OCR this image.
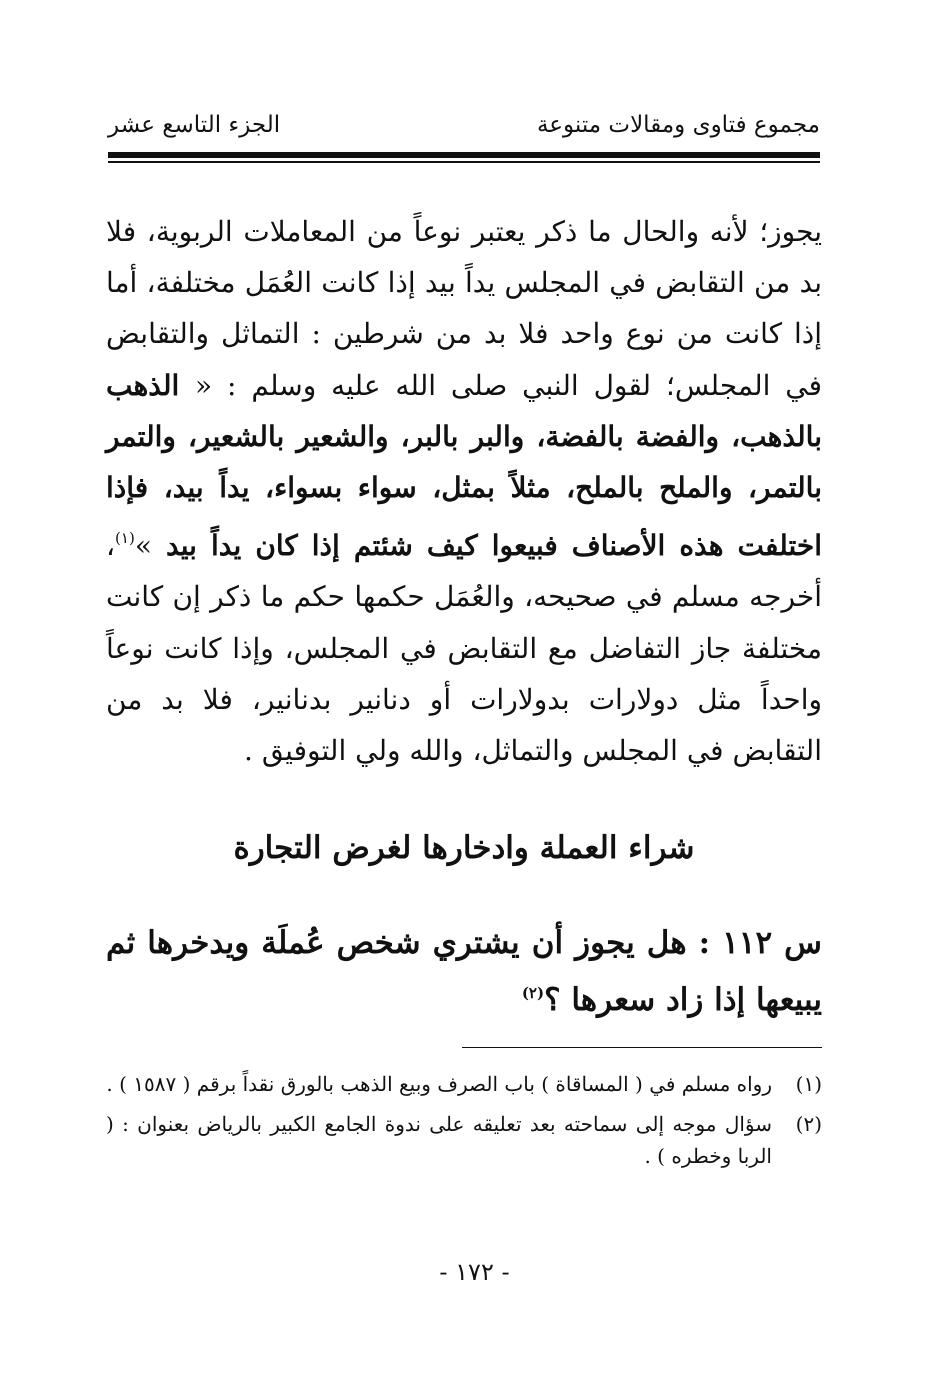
مجموع فتاوى ومقالات متنوعة
الجزء التاسع عشر
يجوز؛ لأنه والحال ما ذكر يعتبر نوعاً من المعاملات الربوية، فلا بد من التقابض في المجلس يداً بيد إذا كانت العُمَل مختلفة، أما إذا كانت من نوع واحد فلا بد من شرطين : التماثل والتقابض في المجلس؛ لقول النبي صلى الله عليه وسلم : « الذهب بالذهب، والفضة بالفضة، والبر بالبر، والشعير بالشعير، والتمر بالتمر، والملح بالملح، مثلاً بمثل، سواء بسواء، يداً بيد، فإذا اختلفت هذه الأصناف فبيعوا كيف شئتم إذا كان يداً بيد »$^{(١)}$، أخرجه مسلم في صحيحه، والعُمَل حكمها حكم ما ذكر إن كانت مختلفة جاز التفاضل مع التقابض في المجلس، وإذا كانت نوعاً واحداً مثل دولارات بدولارات أو دنانير بدنانير، فلا بد من التقابض في المجلس والتماثل، والله ولي التوفيق .
شراء العملة وادخارها لغرض التجارة
س ١١٢ : هل يجوز أن يشتري شخص عُملَة ويدخرها ثم يبيعها إذا زاد سعرها ؟$^{(٢)}$
(١)
رواه مسلم في ( المساقاة ) باب الصرف وبيع الذهب بالورق نقداً برقم ( ١٥٨٧ ) .
(٢)
سؤال موجه إلى سماحته بعد تعليقه على ندوة الجامع الكبير بالرياض بعنوان : ( الربا وخطره ) .
- ١٧٢ -
